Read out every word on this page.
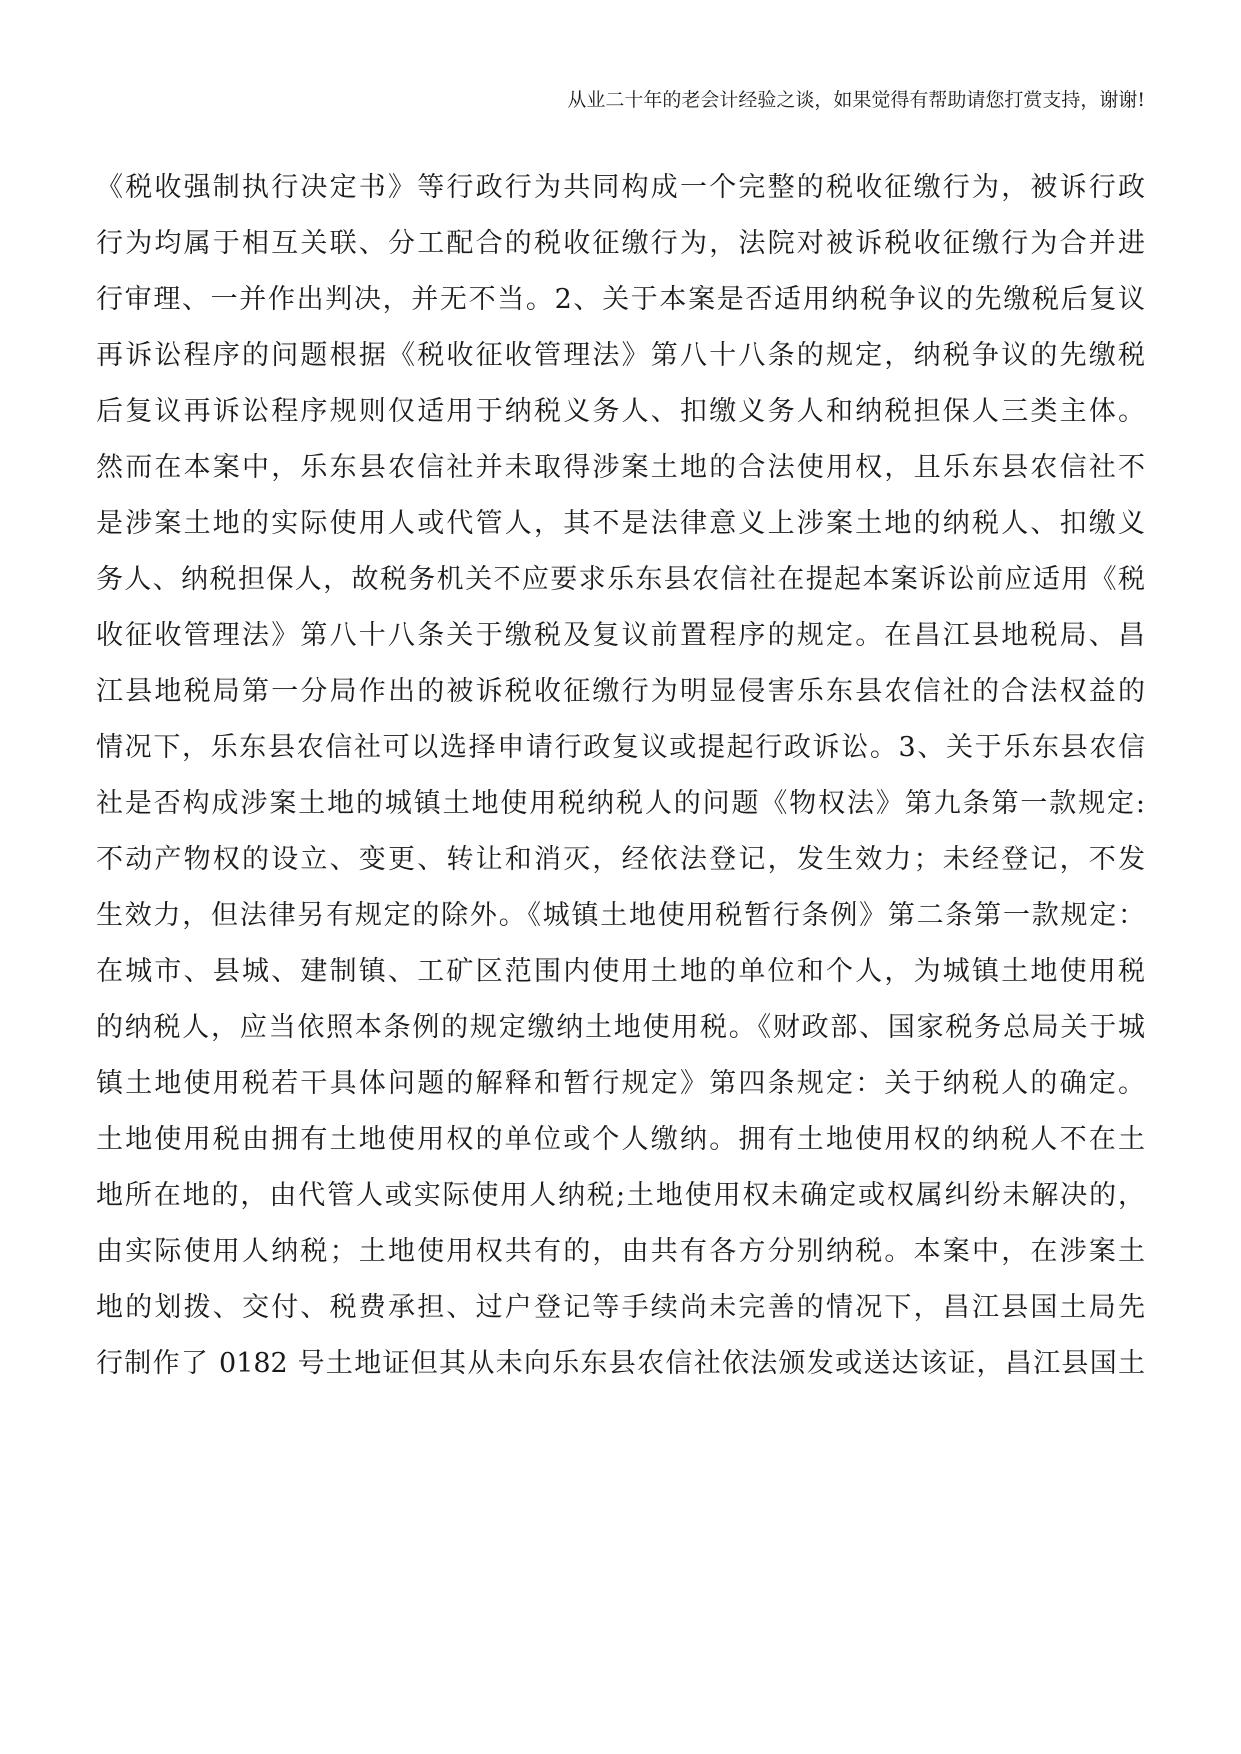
从业二十年的老会计经验之谈，如果觉得有帮助请您打赏支持，谢谢!
《税收强制执行决定书》等行政行为共同构成一个完整的税收征缴行为，被诉行政
行为均属于相互关联、分工配合的税收征缴行为，法院对被诉税收征缴行为合并进
行审理、一并作出判决，并无不当。2、关于本案是否适用纳税争议的先缴税后复议
再诉讼程序的问题根据《税收征收管理法》第八十八条的规定，纳税争议的先缴税
后复议再诉讼程序规则仅适用于纳税义务人、扣缴义务人和纳税担保人三类主体。
然而在本案中，乐东县农信社并未取得涉案土地的合法使用权，且乐东县农信社不
是涉案土地的实际使用人或代管人，其不是法律意义上涉案土地的纳税人、扣缴义
务人、纳税担保人，故税务机关不应要求乐东县农信社在提起本案诉讼前应适用《税
收征收管理法》第八十八条关于缴税及复议前置程序的规定。在昌江县地税局、昌
江县地税局第一分局作出的被诉税收征缴行为明显侵害乐东县农信社的合法权益的
情况下，乐东县农信社可以选择申请行政复议或提起行政诉讼。3、关于乐东县农信
社是否构成涉案土地的城镇土地使用税纳税人的问题《物权法》第九条第一款规定:
不动产物权的设立、变更、转让和消灭，经依法登记，发生效力；未经登记，不发
生效力，但法律另有规定的除外。《城镇土地使用税暂行条例》第二条第一款规定：
在城市、县城、建制镇、工矿区范围内使用土地的单位和个人，为城镇土地使用税
的纳税人，应当依照本条例的规定缴纳土地使用税。《财政部、国家税务总局关于城
镇土地使用税若干具体问题的解释和暂行规定》第四条规定：关于纳税人的确定。
土地使用税由拥有土地使用权的单位或个人缴纳。拥有土地使用权的纳税人不在土
地所在地的，由代管人或实际使用人纳税;土地使用权未确定或权属纠纷未解决的，
由实际使用人纳税；土地使用权共有的，由共有各方分别纳税。本案中，在涉案土
地的划拨、交付、税费承担、过户登记等手续尚未完善的情况下，昌江县国土局先
行制作了 0182 号土地证但其从未向乐东县农信社依法颁发或送达该证，昌江县国土
